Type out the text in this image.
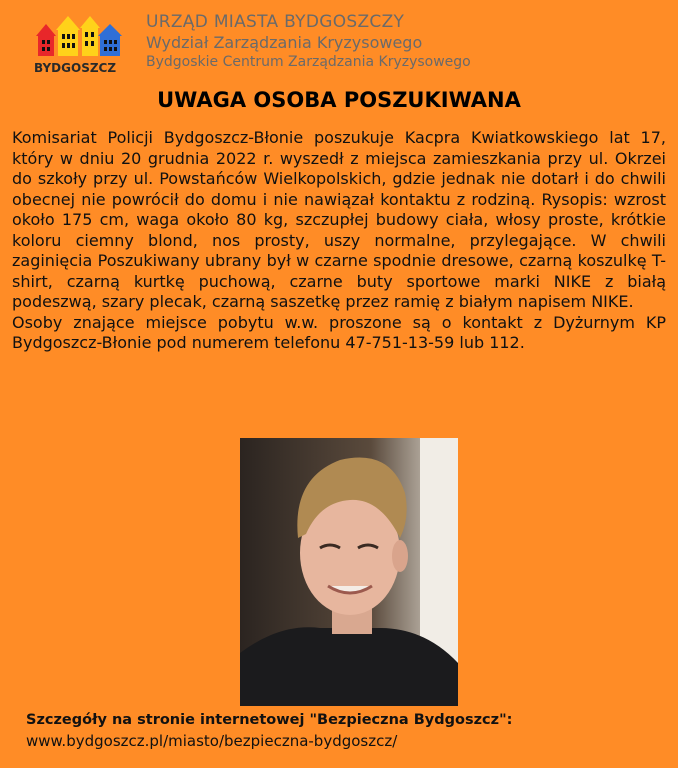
BYDGOSZCZ
URZĄD MIASTA BYDGOSZCZY
Wydział Zarządzania Kryzysowego
Bydgoskie Centrum Zarządzania Kryzysowego
UWAGA OSOBA POSZUKIWANA

Komisariat Policji Bydgoszcz-Błonie poszukuje Kacpra Kwiatkowskiego lat 17, który w dniu 20 grudnia 2022 r. wyszedł z miejsca zamieszkania przy ul. Okrzei do szkoły przy ul. Powstańców Wielkopolskich, gdzie jednak nie dotarł i do chwili obecnej nie powrócił do domu i nie nawiązał kontaktu z rodziną. Rysopis: wzrost około 175 cm, waga około 80 kg, szczupłej budowy ciała, włosy proste, krótkie koloru ciemny blond, nos prosty, uszy normalne, przylegające. W chwili zaginięcia Poszukiwany ubrany był w czarne spodnie dresowe, czarną koszulkę T-shirt, czarną kurtkę puchową, czarne buty sportowe marki NIKE z białą podeszwą, szary plecak, czarną saszetkę przez ramię z białym napisem NIKE.

Osoby znające miejsce pobytu w.w. proszone są o kontakt z Dyżurnym KP Bydgoszcz-Błonie pod numerem telefonu 47-751-13-59 lub 112.

Szczegóły na stronie internetowej "Bezpieczna Bydgoszcz":
www.bydgoszcz.pl/miasto/bezpieczna-bydgoszcz/
